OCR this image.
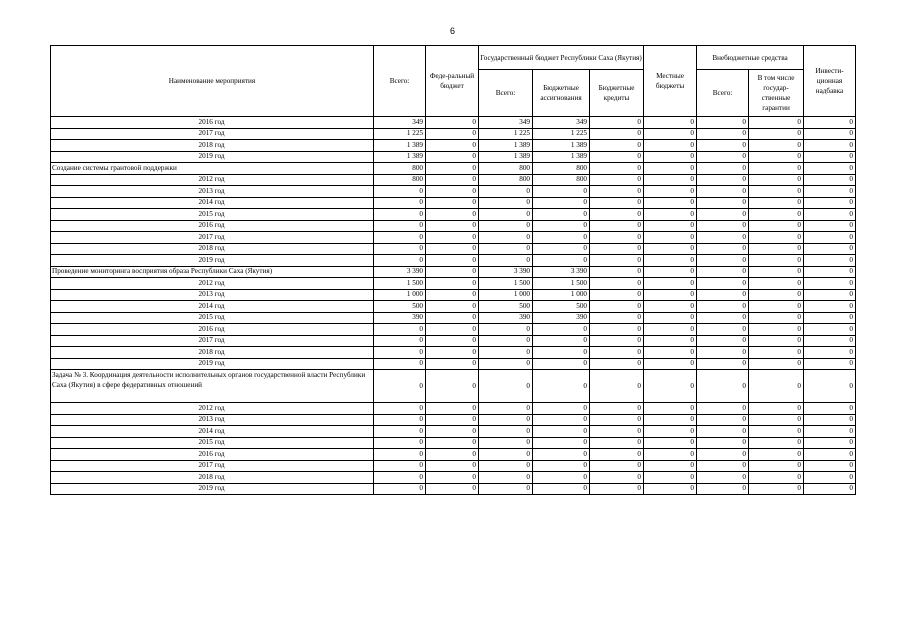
6
Наименование мероприятия	Всего:	Феде-ральный бюджет	Государственный бюджет Республики Саха (Якутия)			Местные бюджеты	Внебюджетные средства		Инвести-ционная надбавка
			Всего:	Бюджетные ассигнования	Бюджетные кредиты		Всего:	В том числе государ-ственные гарантии	
2016 год	349	0	349	349	0	0	0	0	0
2017 год	1 225	0	1 225	1 225	0	0	0	0	0
2018 год	1 389	0	1 389	1 389	0	0	0	0	0
2019 год	1 389	0	1 389	1 389	0	0	0	0	0
Создание системы грантовой поддержки	800	0	800	800	0	0	0	0	0
2012 год	800	0	800	800	0	0	0	0	0
2013 год	0	0	0	0	0	0	0	0	0
2014 год	0	0	0	0	0	0	0	0	0
2015 год	0	0	0	0	0	0	0	0	0
2016 год	0	0	0	0	0	0	0	0	0
2017 год	0	0	0	0	0	0	0	0	0
2018 год	0	0	0	0	0	0	0	0	0
2019 год	0	0	0	0	0	0	0	0	0
Проведение мониторинга восприятия образа Республики Саха (Якутия)	3 390	0	3 390	3 390	0	0	0	0	0
2012 год	1 500	0	1 500	1 500	0	0	0	0	0
2013 год	1 000	0	1 000	1 000	0	0	0	0	0
2014 год	500	0	500	500	0	0	0	0	0
2015 год	390	0	390	390	0	0	0	0	0
2016 год	0	0	0	0	0	0	0	0	0
2017 год	0	0	0	0	0	0	0	0	0
2018 год	0	0	0	0	0	0	0	0	0
2019 год	0	0	0	0	0	0	0	0	0
Задача № 3. Координация деятельности исполнительных органов государственной власти Республики Саха (Якутия) в сфере федеративных отношений	0	0	0	0	0	0	0	0	0
2012 год	0	0	0	0	0	0	0	0	0
2013 год	0	0	0	0	0	0	0	0	0
2014 год	0	0	0	0	0	0	0	0	0
2015 год	0	0	0	0	0	0	0	0	0
2016 год	0	0	0	0	0	0	0	0	0
2017 год	0	0	0	0	0	0	0	0	0
2018 год	0	0	0	0	0	0	0	0	0
2019 год	0	0	0	0	0	0	0	0	0
